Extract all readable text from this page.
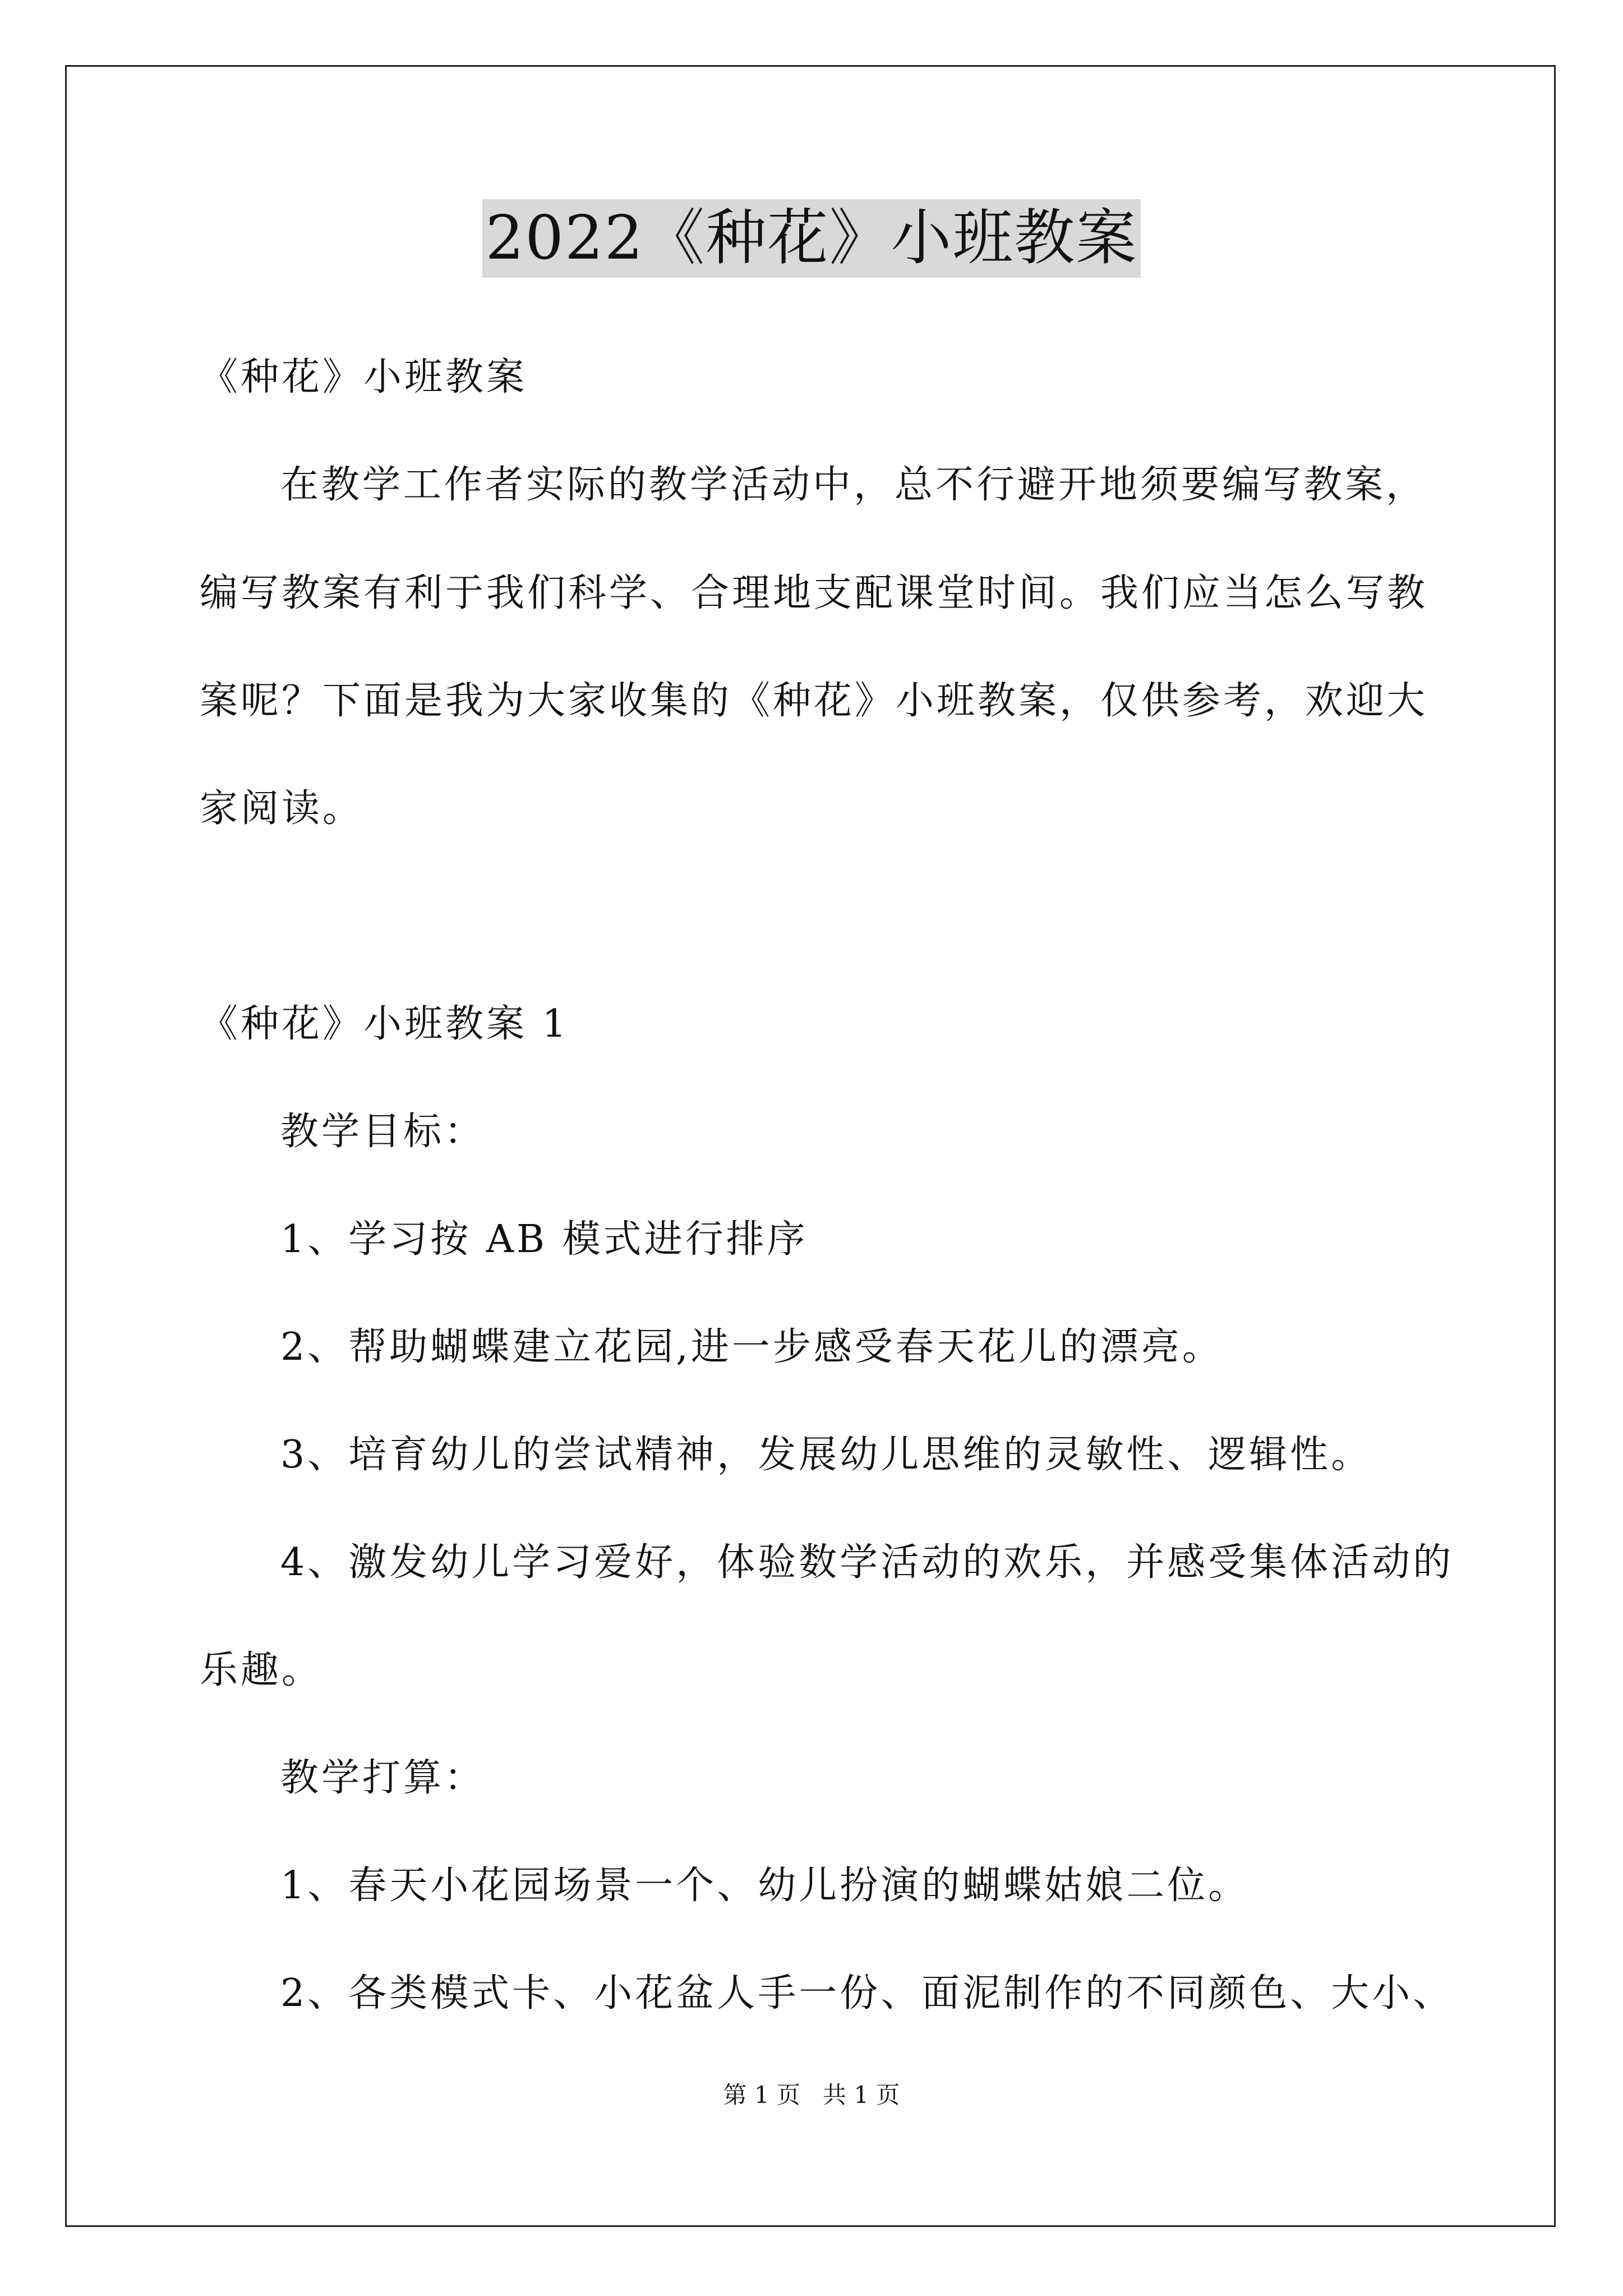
2022《种花》小班教案
《种花》小班教案
在教学工作者实际的教学活动中，总不行避开地须要编写教案，
编写教案有利于我们科学、合理地支配课堂时间。我们应当怎么写教
案呢？下面是我为大家收集的《种花》小班教案，仅供参考，欢迎大
家阅读。
《种花》小班教案 1
教学目标：
1、学习按 AB 模式进行排序
2、帮助蝴蝶建立花园,进一步感受春天花儿的漂亮。
3、培育幼儿的尝试精神，发展幼儿思维的灵敏性、逻辑性。
4、激发幼儿学习爱好，体验数学活动的欢乐，并感受集体活动的
乐趣。
教学打算：
1、春天小花园场景一个、幼儿扮演的蝴蝶姑娘二位。
2、各类模式卡、小花盆人手一份、面泥制作的不同颜色、大小、
第 1 页 共 1 页
